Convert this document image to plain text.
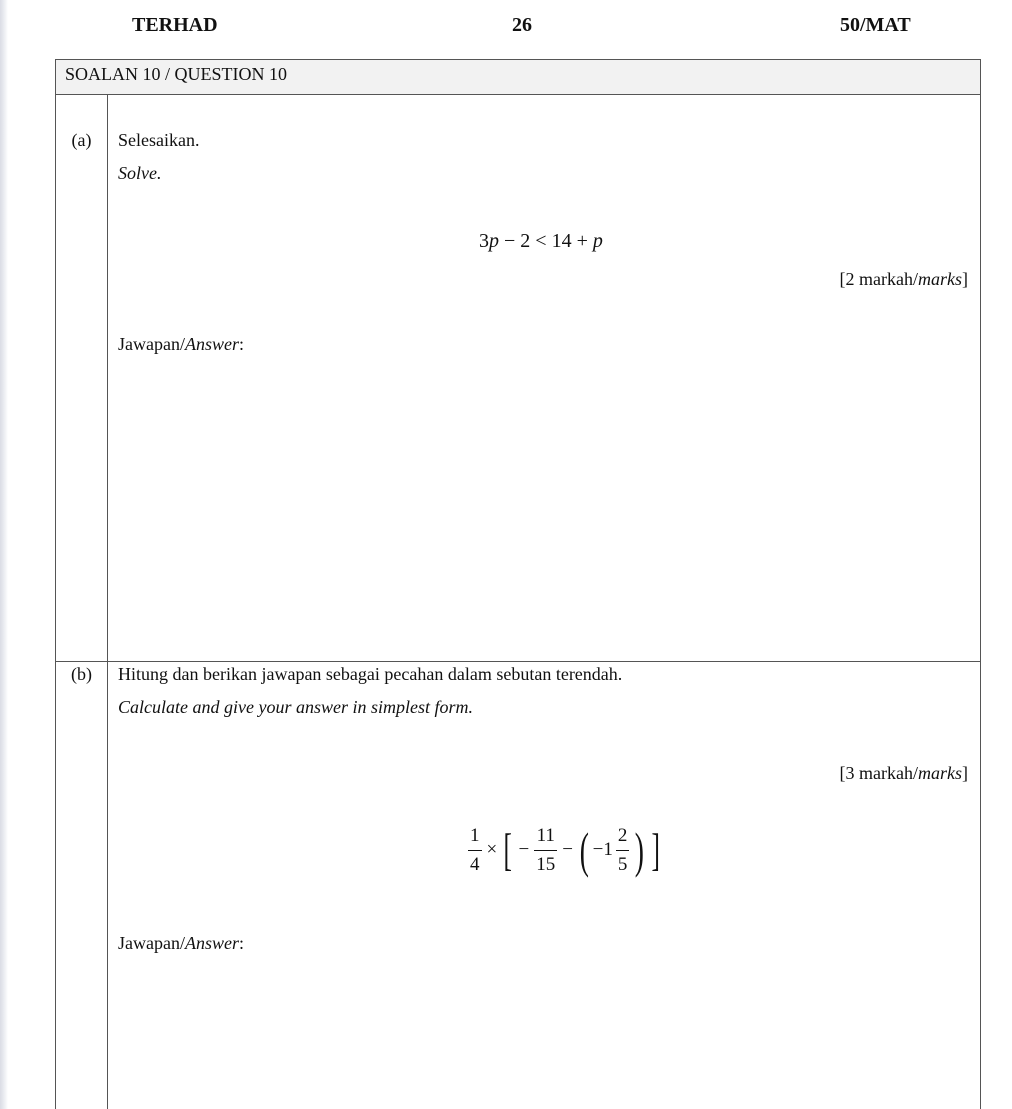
TERHAD	26	50/MAT
SOALAN 10 / QUESTION 10
(a)	Selesaikan.
Solve.
3p − 2 < 14 + p
[2 markah/marks]
Jawapan/Answer:
(b)	Hitung dan berikan jawapan sebagai pecahan dalam sebutan terendah.
Calculate and give your answer in simplest form.
[3 markah/marks]
$\frac{1}{4}$ × [ − $\frac{11}{15}$ − ( $-1 \frac{2}{5}$ ) ]
Jawapan/Answer:
